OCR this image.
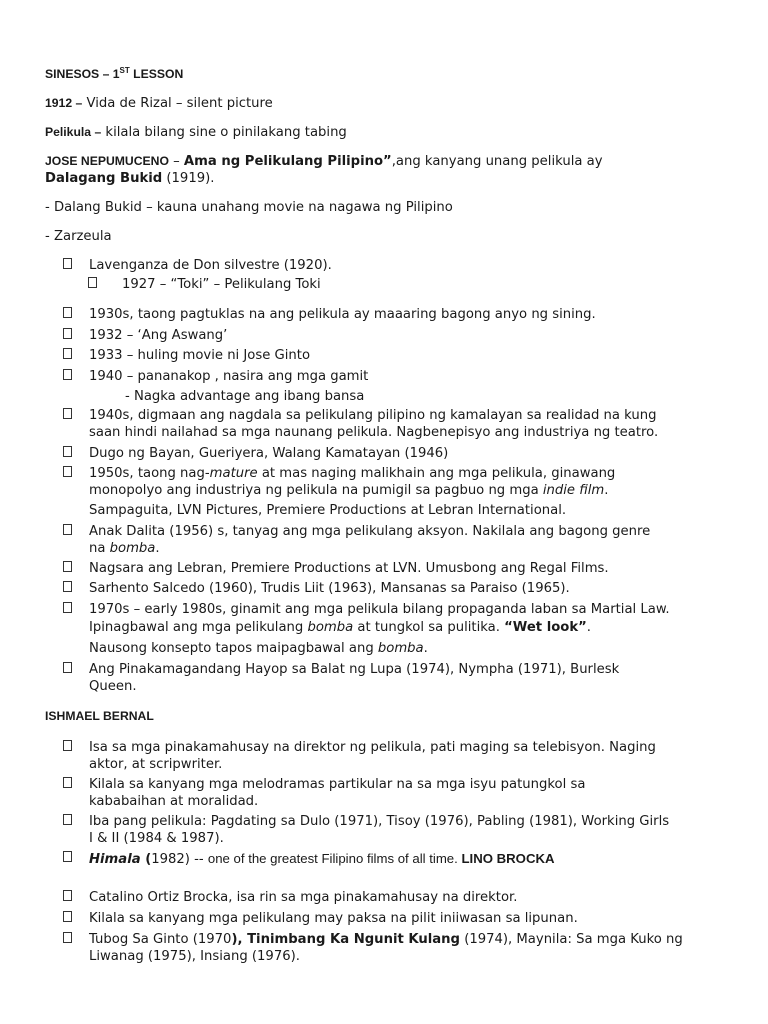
SINESOS – 1ST LESSON
1912 – Vida de Rizal – silent picture
Pelikula – kilala bilang sine o pinilakang tabing
JOSE NEPUMUCENO – Ama ng Pelikulang Pilipino”,ang kanyang unang pelikula ay
Dalagang Bukid (1919).
- Dalang Bukid – kauna unahang movie na nagawa ng Pilipino
- Zarzeula
Lavenganza de Don silvestre (1920).
1927 – “Toki” – Pelikulang Toki
1930s, taong pagtuklas na ang pelikula ay maaaring bagong anyo ng sining.
1932 – ‘Ang Aswang’
1933 – huling movie ni Jose Ginto
1940 – pananakop , nasira ang mga gamit
- Nagka advantage ang ibang bansa
1940s, digmaan ang nagdala sa pelikulang pilipino ng kamalayan sa realidad na kung
saan hindi nailahad sa mga naunang pelikula. Nagbenepisyo ang industriya ng teatro.
Dugo ng Bayan, Gueriyera, Walang Kamatayan (1946)
1950s, taong nag-mature at mas naging malikhain ang mga pelikula, ginawang
monopolyo ang industriya ng pelikula na pumigil sa pagbuo ng mga indie film.
Sampaguita, LVN Pictures, Premiere Productions at Lebran International.
Anak Dalita (1956) s, tanyag ang mga pelikulang aksyon. Nakilala ang bagong genre
na bomba.
Nagsara ang Lebran, Premiere Productions at LVN. Umusbong ang Regal Films.
Sarhento Salcedo (1960), Trudis Liit (1963), Mansanas sa Paraiso (1965).
1970s – early 1980s, ginamit ang mga pelikula bilang propaganda laban sa Martial Law.
Ipinagbawal ang mga pelikulang bomba at tungkol sa pulitika. “Wet look”.
Nausong konsepto tapos maipagbawal ang bomba.
Ang Pinakamagandang Hayop sa Balat ng Lupa (1974), Nympha (1971), Burlesk
Queen.
ISHMAEL BERNAL
Isa sa mga pinakamahusay na direktor ng pelikula, pati maging sa telebisyon. Naging
aktor, at scripwriter.
Kilala sa kanyang mga melodramas partikular na sa mga isyu patungkol sa
kababaihan at moralidad.
Iba pang pelikula: Pagdating sa Dulo (1971), Tisoy (1976), Pabling (1981), Working Girls
I & II (1984 & 1987).
Himala (1982) -- one of the greatest Filipino films of all time. LINO BROCKA
Catalino Ortiz Brocka, isa rin sa mga pinakamahusay na direktor.
Kilala sa kanyang mga pelikulang may paksa na pilit iniiwasan sa lipunan.
Tubog Sa Ginto (1970), Tinimbang Ka Ngunit Kulang (1974), Maynila: Sa mga Kuko ng
Liwanag (1975), Insiang (1976).
